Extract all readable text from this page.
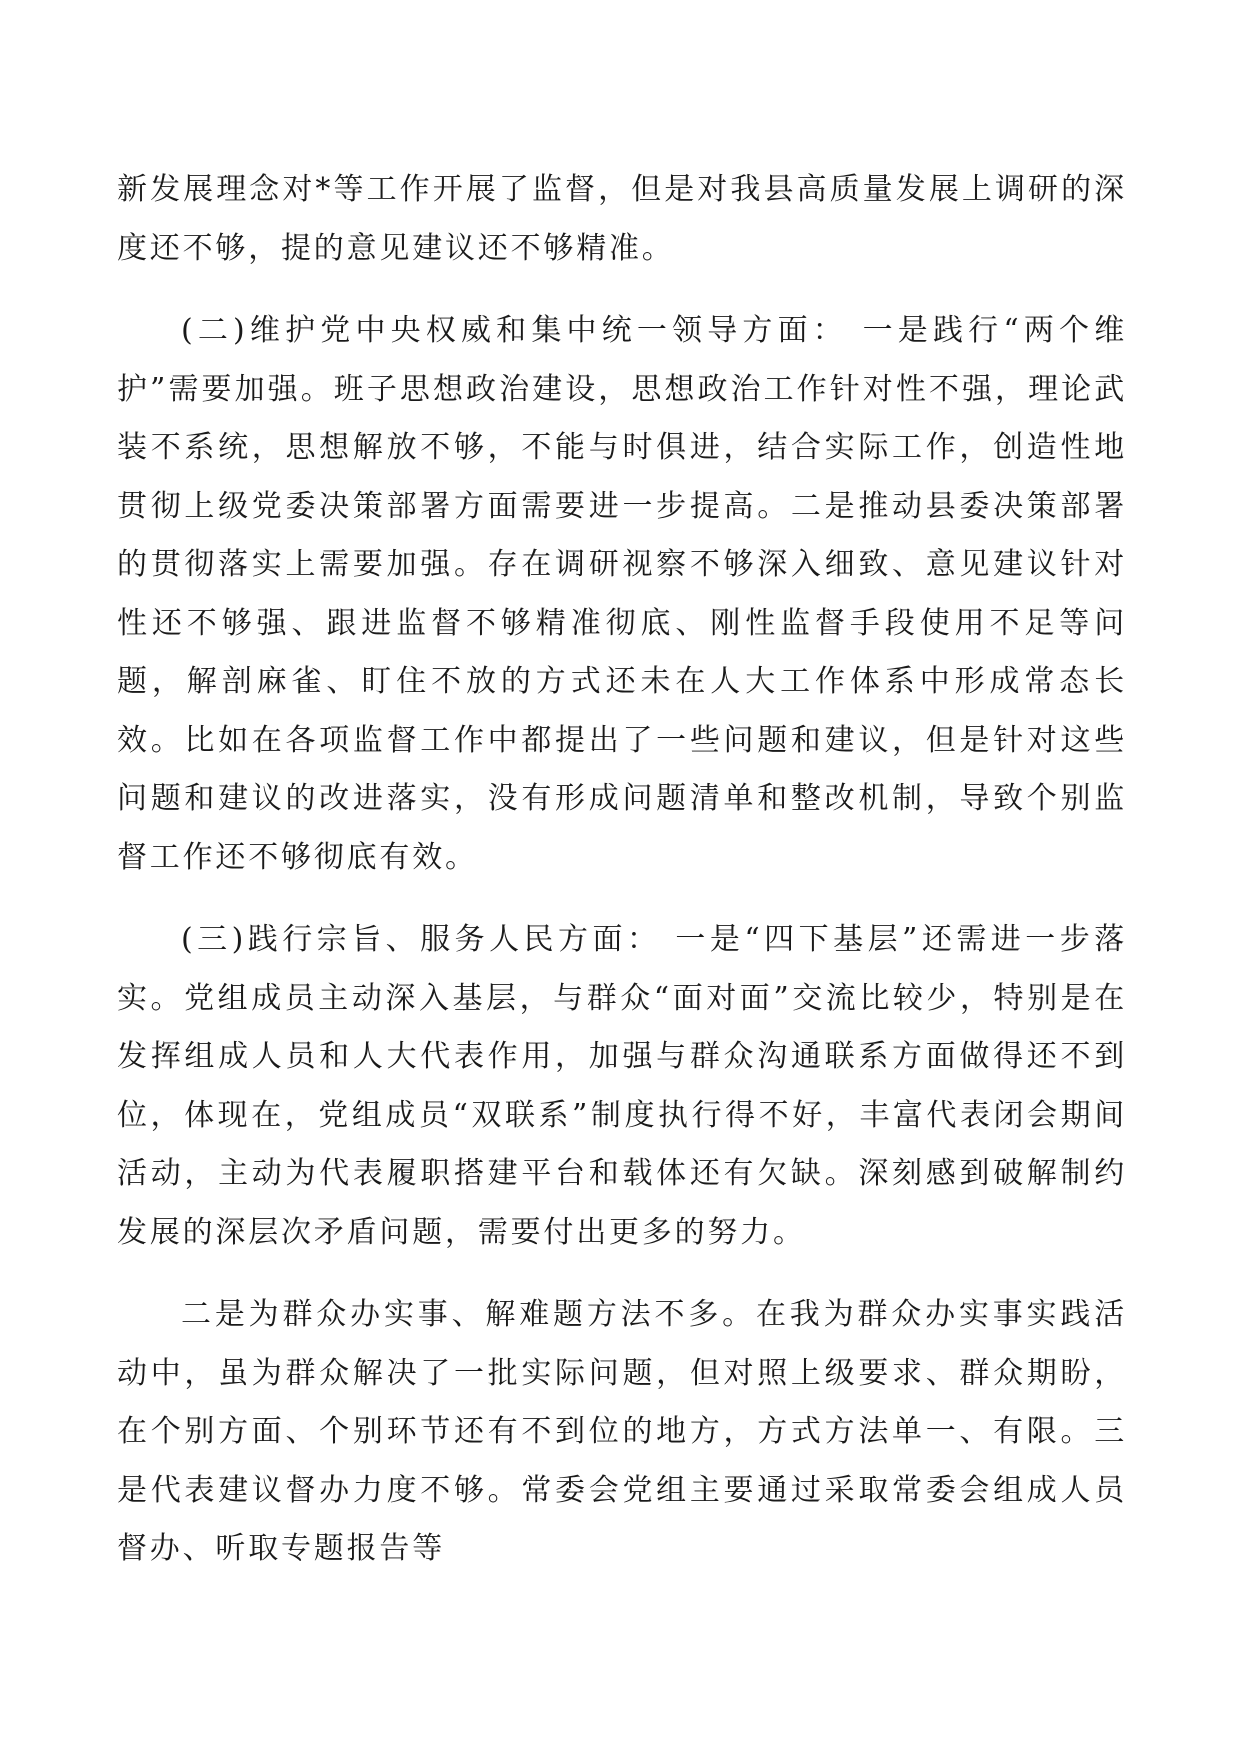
新发展理念对*等工作开展了监督，但是对我县高质量发展上调研的深度还不够，提的意见建议还不够精准。

(二)维护党中央权威和集中统一领导方面： 一是践行“两个维护”需要加强。班子思想政治建设，思想政治工作针对性不强，理论武装不系统，思想解放不够，不能与时俱进，结合实际工作，创造性地贯彻上级党委决策部署方面需要进一步提高。二是推动县委决策部署的贯彻落实上需要加强。存在调研视察不够深入细致、意见建议针对性还不够强、跟进监督不够精准彻底、刚性监督手段使用不足等问题，解剖麻雀、盯住不放的方式还未在人大工作体系中形成常态长效。比如在各项监督工作中都提出了一些问题和建议，但是针对这些问题和建议的改进落实，没有形成问题清单和整改机制，导致个别监督工作还不够彻底有效。

(三)践行宗旨、服务人民方面： 一是“四下基层”还需进一步落实。党组成员主动深入基层，与群众“面对面”交流比较少，特别是在发挥组成人员和人大代表作用，加强与群众沟通联系方面做得还不到位，体现在，党组成员“双联系”制度执行得不好，丰富代表闭会期间活动，主动为代表履职搭建平台和载体还有欠缺。深刻感到破解制约发展的深层次矛盾问题，需要付出更多的努力。

二是为群众办实事、解难题方法不多。在我为群众办实事实践活动中，虽为群众解决了一批实际问题，但对照上级要求、群众期盼，在个别方面、个别环节还有不到位的地方，方式方法单一、有限。三是代表建议督办力度不够。常委会党组主要通过采取常委会组成人员督办、听取专题报告等
